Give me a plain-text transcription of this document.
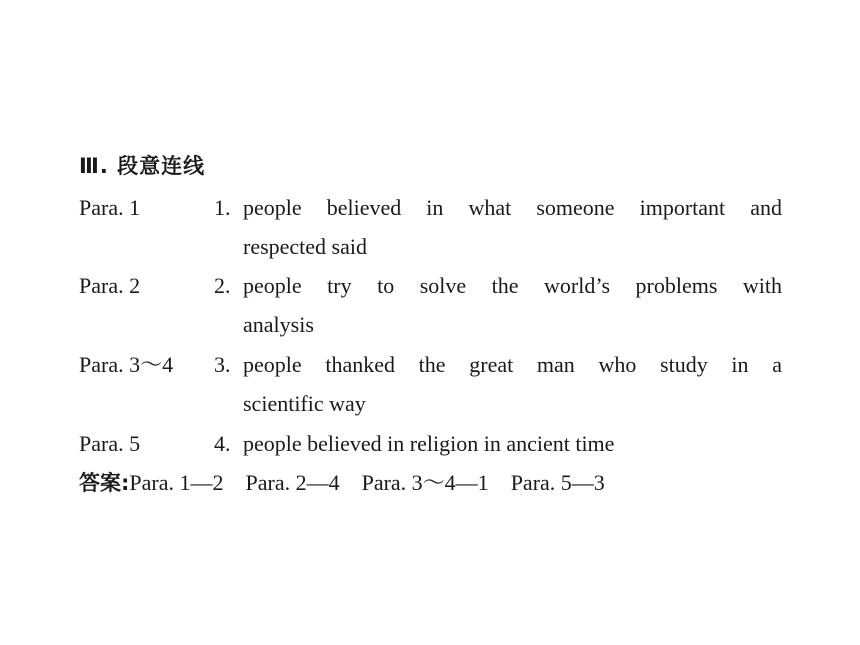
Ⅲ. 段意连线
Para. 1	1. people believed in what someone important and
respected said
Para. 2	2. people try to solve the world’s problems with
analysis
Para. 3～4 3. people thanked the great man who study in a
scientific way
Para. 5	4. people believed in religion in ancient time
答案:Para. 1—2 Para. 2—4 Para. 3～4—1 Para. 5—3
